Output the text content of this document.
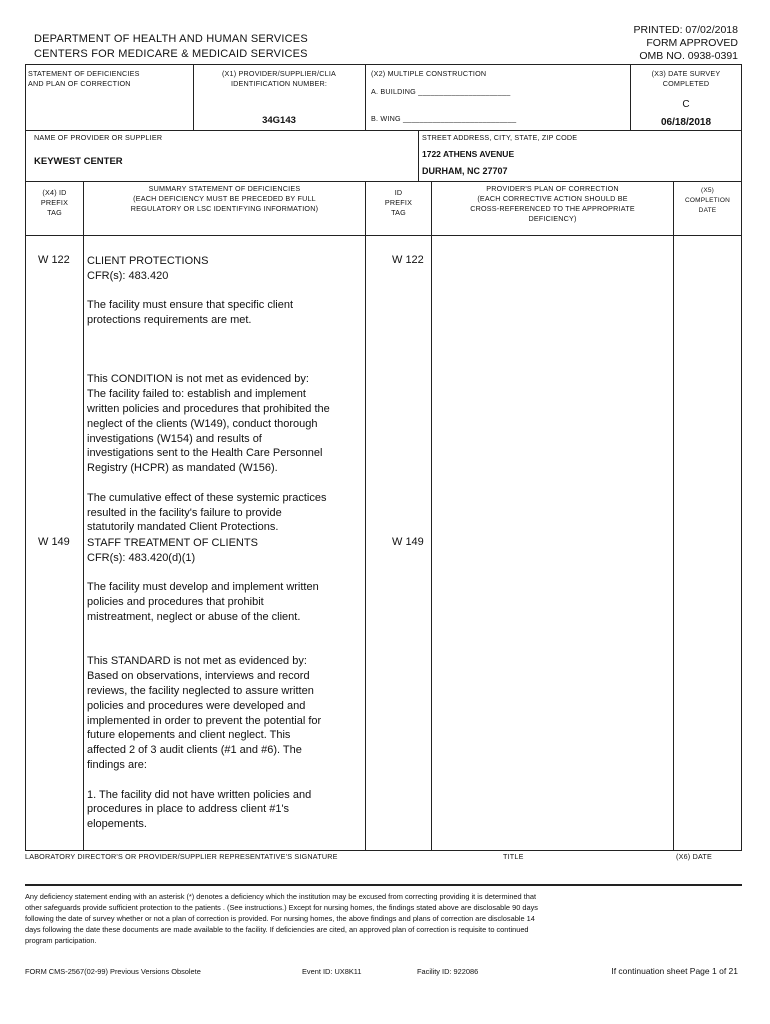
DEPARTMENT OF HEALTH AND HUMAN SERVICES
CENTERS FOR MEDICARE & MEDICAID SERVICES
PRINTED: 07/02/2018
FORM APPROVED
OMB NO. 0938-0391
STATEMENT OF DEFICIENCIES
AND PLAN OF CORRECTION
(X1) PROVIDER/SUPPLIER/CLIA
IDENTIFICATION NUMBER:
34G143
(X2) MULTIPLE CONSTRUCTION
A. BUILDING ______________________
B. WING ___________________________
(X3) DATE SURVEY
COMPLETED
C
06/18/2018
NAME OF PROVIDER OR SUPPLIER
KEYWEST CENTER
STREET ADDRESS, CITY, STATE, ZIP CODE
1722 ATHENS AVENUE
DURHAM, NC 27707
(X4) ID
PREFIX
TAG
SUMMARY STATEMENT OF DEFICIENCIES
(EACH DEFICIENCY MUST BE PRECEDED BY FULL
REGULATORY OR LSC IDENTIFYING INFORMATION)
ID
PREFIX
TAG
PROVIDER'S PLAN OF CORRECTION
(EACH CORRECTIVE ACTION SHOULD BE
CROSS-REFERENCED TO THE APPROPRIATE
DEFICIENCY)
(X5)
COMPLETION
DATE
W 122	W 122
CLIENT PROTECTIONS
CFR(s): 483.420
The facility must ensure that specific client
protections requirements are met.
This CONDITION is not met as evidenced by:
The facility failed to: establish and implement
written policies and procedures that prohibited the
neglect of the clients (W149), conduct thorough
investigations (W154) and results of
investigations sent to the Health Care Personnel
Registry (HCPR) as mandated (W156).
The cumulative effect of these systemic practices
resulted in the facility's failure to provide
statutorily mandated Client Protections.
W 149	W 149
STAFF TREATMENT OF CLIENTS
CFR(s): 483.420(d)(1)
The facility must develop and implement written
policies and procedures that prohibit
mistreatment, neglect or abuse of the client.
This STANDARD is not met as evidenced by:
Based on observations, interviews and record
reviews, the facility neglected to assure written
policies and procedures were developed and
implemented in order to prevent the potential for
future elopements and client neglect. This
affected 2 of 3 audit clients (#1 and #6). The
findings are:
1. The facility did not have written policies and
procedures in place to address client #1's
elopements.
LABORATORY DIRECTOR'S OR PROVIDER/SUPPLIER REPRESENTATIVE'S SIGNATURE	TITLE	(X6) DATE
Any deficiency statement ending with an asterisk (*) denotes a deficiency which the institution may be excused from correcting providing it is determined that
other safeguards provide sufficient protection to the patients . (See instructions.) Except for nursing homes, the findings stated above are disclosable 90 days
following the date of survey whether or not a plan of correction is provided. For nursing homes, the above findings and plans of correction are disclosable 14
days following the date these documents are made available to the facility. If deficiencies are cited, an approved plan of correction is requisite to continued
program participation.
FORM CMS-2567(02-99) Previous Versions Obsolete	Event ID: UX8K11	Facility ID: 922086	If continuation sheet Page 1 of 21
